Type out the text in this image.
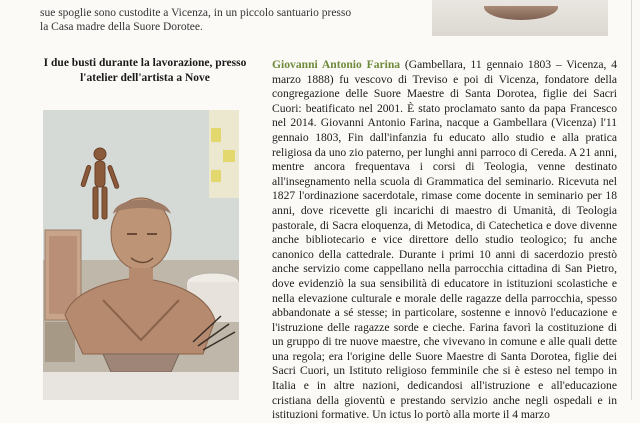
sue spoglie sono custodite a Vicenza, in un piccolo santuario presso la Casa madre della Suore Dorotee.

I due busti durante la lavorazione, presso l'atelier dell'artista a Nove

Giovanni Antonio Farina (Gambellara, 11 gennaio 1803 – Vicenza, 4 marzo 1888) fu vescovo di Treviso e poi di Vicenza, fondatore della congregazione delle Suore Maestre di Santa Dorotea, figlie dei Sacri Cuori: beatificato nel 2001. È stato proclamato santo da papa Francesco nel 2014. Giovanni Antonio Farina, nacque a Gambellara (Vicenza) l'11 gennaio 1803, Fin dall'infanzia fu educato allo studio e alla pratica religiosa da uno zio paterno, per lunghi anni parroco di Cereda. A 21 anni, mentre ancora frequentava i corsi di Teologia, venne destinato all'insegnamento nella scuola di Grammatica del seminario. Ricevuta nel 1827 l'ordinazione sacerdotale, rimase come docente in seminario per 18 anni, dove ricevette gli incarichi di maestro di Umanità, di Teologia pastorale, di Sacra eloquenza, di Metodica, di Catechetica e dove divenne anche bibliotecario e vice direttore dello studio teologico; fu anche canonico della cattedrale. Durante i primi 10 anni di sacerdozio prestò anche servizio come cappellano nella parrocchia cittadina di San Pietro, dove evidenziò la sua sensibilità di educatore in istituzioni scolastiche e nella elevazione culturale e morale delle ragazze della parrocchia, spesso abbandonate a sé stesse; in particolare, sostenne e innovò l'educazione e l'istruzione delle ragazze sorde e cieche. Farina favorì la costituzione di un gruppo di tre nuove maestre, che vivevano in comune e alle quali dette una regola; era l'origine delle Suore Maestre di Santa Dorotea, figlie dei Sacri Cuori, un Istituto religioso femminile che si è esteso nel tempo in Italia e in altre nazioni, dedicandosi all'istruzione e all'educazione cristiana della gioventù e prestando servizio anche negli ospedali e in istituzioni formative. Un ictus lo portò alla morte il 4 marzo
